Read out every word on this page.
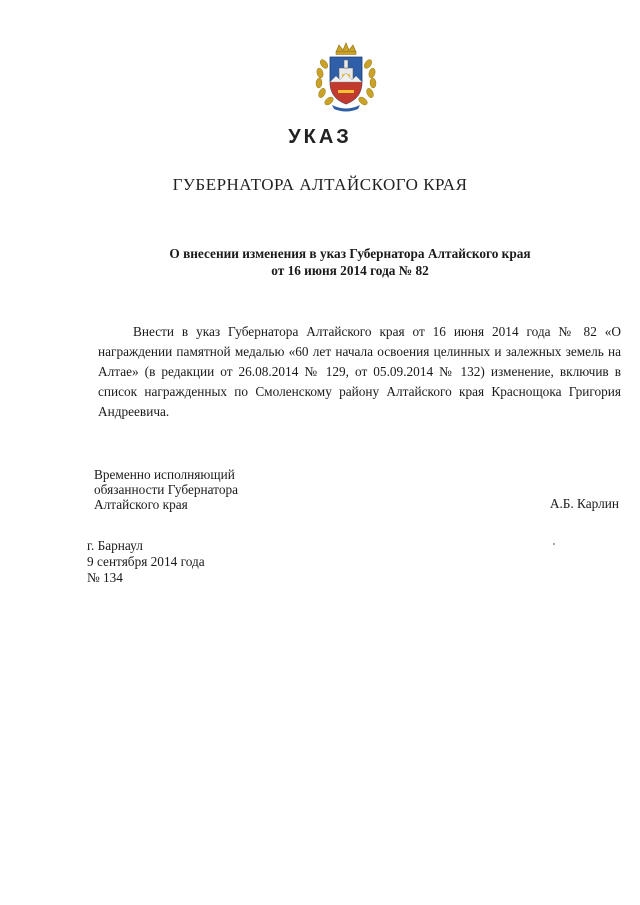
УКАЗ
ГУБЕРНАТОРА АЛТАЙСКОГО КРАЯ
О внесении изменения в указ Губернатора Алтайского края
от 16 июня 2014 года № 82
Внести в указ Губернатора Алтайского края от 16 июня 2014 года № 82 «О награждении памятной медалью «60 лет начала освоения целинных и залежных земель на Алтае» (в редакции от 26.08.2014 № 129, от 05.09.2014 № 132) изменение, включив в список награжденных по Смоленскому району Алтайского края Краснощока Григория Андреевича.
Временно исполняющий
обязанности Губернатора
Алтайского края	А.Б. Карлин
г. Барнаул
9 сентября 2014 года
№ 134
